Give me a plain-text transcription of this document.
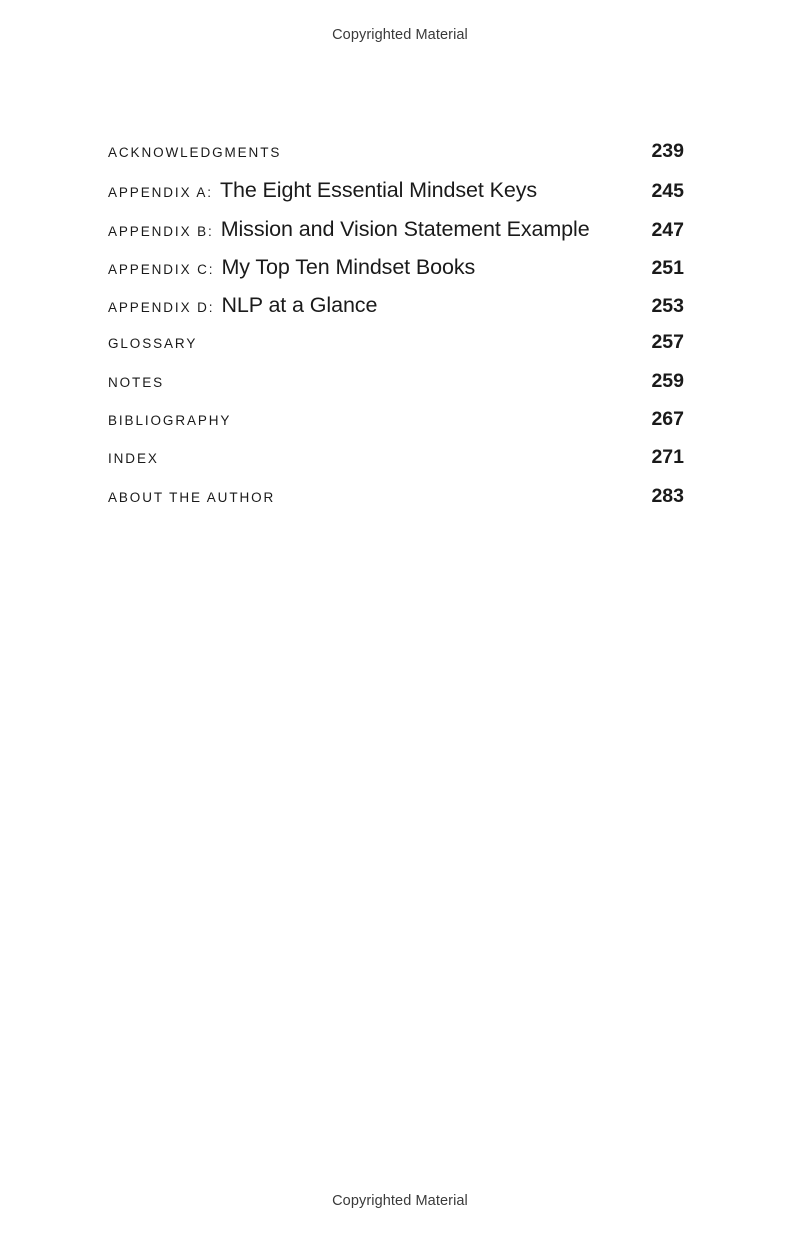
Copyrighted Material
ACKNOWLEDGMENTS	239
APPENDIX A: The Eight Essential Mindset Keys	245
APPENDIX B: Mission and Vision Statement Example	247
APPENDIX C: My Top Ten Mindset Books	251
APPENDIX D: NLP at a Glance	253
GLOSSARY	257
NOTES	259
BIBLIOGRAPHY	267
INDEX	271
ABOUT THE AUTHOR	283
Copyrighted Material
